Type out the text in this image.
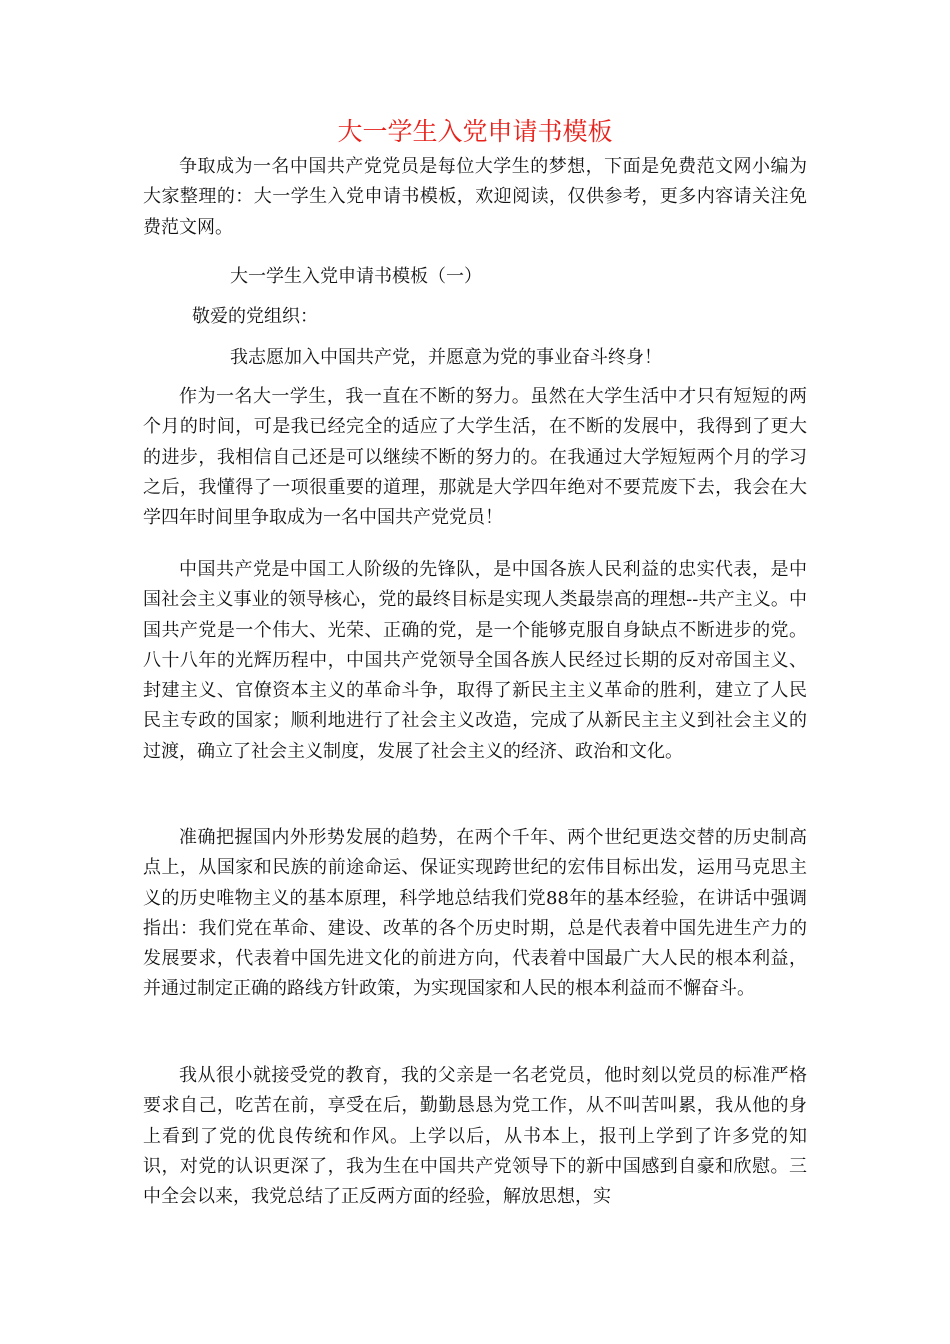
大一学生入党申请书模板
争取成为一名中国共产党党员是每位大学生的梦想，下面是免费范文网小编为大家整理的：大一学生入党申请书模板，欢迎阅读，仅供参考，更多内容请关注免费范文网。
大一学生入党申请书模板（一）
敬爱的党组织：
我志愿加入中国共产党，并愿意为党的事业奋斗终身！
作为一名大一学生，我一直在不断的努力。虽然在大学生活中才只有短短的两个月的时间，可是我已经完全的适应了大学生活，在不断的发展中，我得到了更大的进步，我相信自己还是可以继续不断的努力的。在我通过大学短短两个月的学习之后，我懂得了一项很重要的道理，那就是大学四年绝对不要荒废下去，我会在大学四年时间里争取成为一名中国共产党党员！
中国共产党是中国工人阶级的先锋队，是中国各族人民利益的忠实代表，是中国社会主义事业的领导核心，党的最终目标是实现人类最崇高的理想--共产主义。中国共产党是一个伟大、光荣、正确的党，是一个能够克服自身缺点不断进步的党。八十八年的光辉历程中，中国共产党领导全国各族人民经过长期的反对帝国主义、封建主义、官僚资本主义的革命斗争，取得了新民主主义革命的胜利，建立了人民民主专政的国家；顺利地进行了社会主义改造，完成了从新民主主义到社会主义的过渡，确立了社会主义制度，发展了社会主义的经济、政治和文化。
准确把握国内外形势发展的趋势，在两个千年、两个世纪更迭交替的历史制高点上，从国家和民族的前途命运、保证实现跨世纪的宏伟目标出发，运用马克思主义的历史唯物主义的基本原理，科学地总结我们党88年的基本经验，在讲话中强调指出：我们党在革命、建设、改革的各个历史时期，总是代表着中国先进生产力的发展要求，代表着中国先进文化的前进方向，代表着中国最广大人民的根本利益，并通过制定正确的路线方针政策，为实现国家和人民的根本利益而不懈奋斗。
我从很小就接受党的教育，我的父亲是一名老党员，他时刻以党员的标准严格要求自己，吃苦在前，享受在后，勤勤恳恳为党工作，从不叫苦叫累，我从他的身上看到了党的优良传统和作风。上学以后，从书本上，报刊上学到了许多党的知识，对党的认识更深了，我为生在中国共产党领导下的新中国感到自豪和欣慰。三中全会以来，我党总结了正反两方面的经验，解放思想，实
